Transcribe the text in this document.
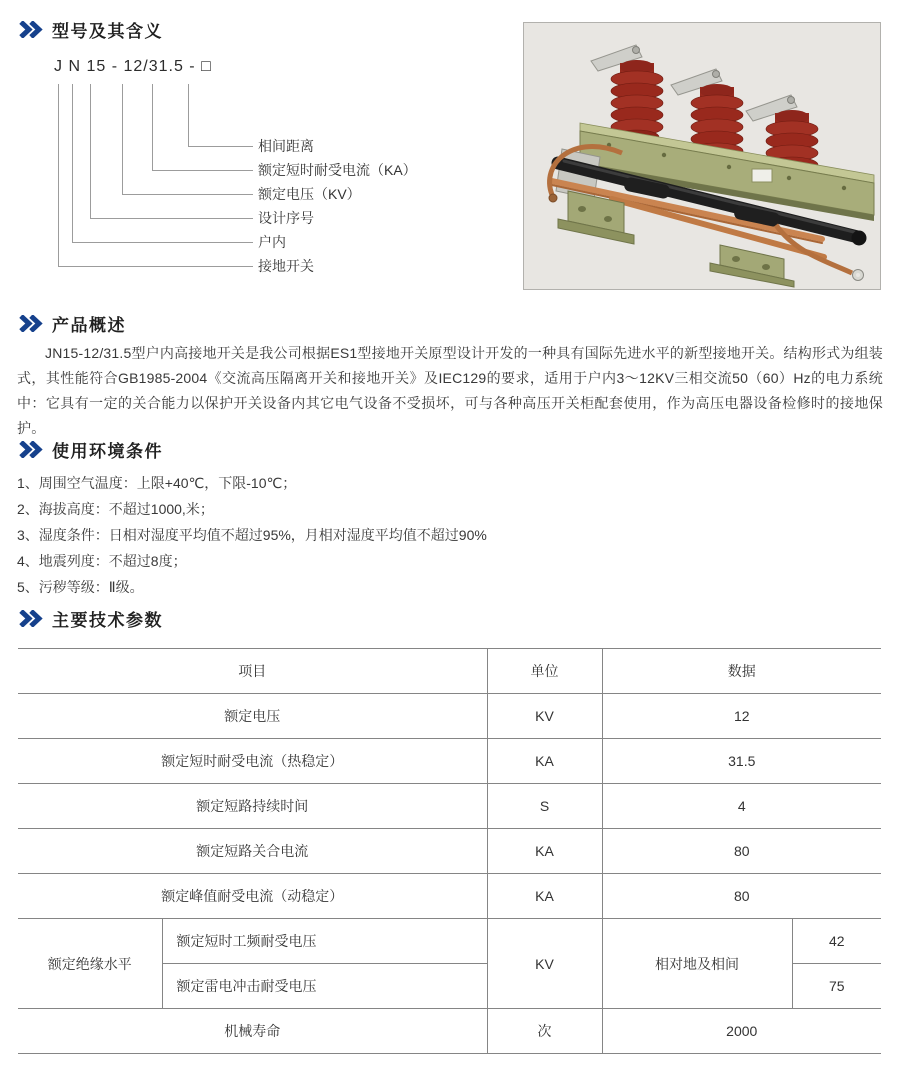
型号及其含义
J N 15 - 12/31.5 - □
相间距离
额定短时耐受电流（KA）
额定电压（KV）
设计序号
户内
接地开关
产品概述
JN15-12/31.5型户内高接地开关是我公司根据ES1型接地开关原型设计开发的一种具有国际先进水平的新型接地开关。结构形式为组装式，其性能符合GB1985-2004《交流高压隔离开关和接地开关》及IEC129的要求，适用于户内3～12KV三相交流50（60）Hz的电力系统中：它具有一定的关合能力以保护开关设备内其它电气设备不受损坏，可与各种高压开关柜配套使用，作为高压电器设备检修时的接地保护。
使用环境条件
1、周围空气温度：上限+40℃，下限-10℃；
2、海拔高度：不超过1000,米；
3、湿度条件：日相对湿度平均值不超过95%，月相对湿度平均值不超过90%
4、地震列度：不超过8度；
5、污秽等级：Ⅱ级。
主要技术参数
项目		单位	数据	
额定电压		KV	12	
额定短时耐受电流（热稳定）		KA	31.5	
额定短路持续时间		S	4	
额定短路关合电流		KA	80	
额定峰值耐受电流（动稳定）		KA	80	
额定绝缘水平	额定短时工频耐受电压	KV	相对地及相间	42
	额定雷电冲击耐受电压			75
机械寿命		次	2000	
